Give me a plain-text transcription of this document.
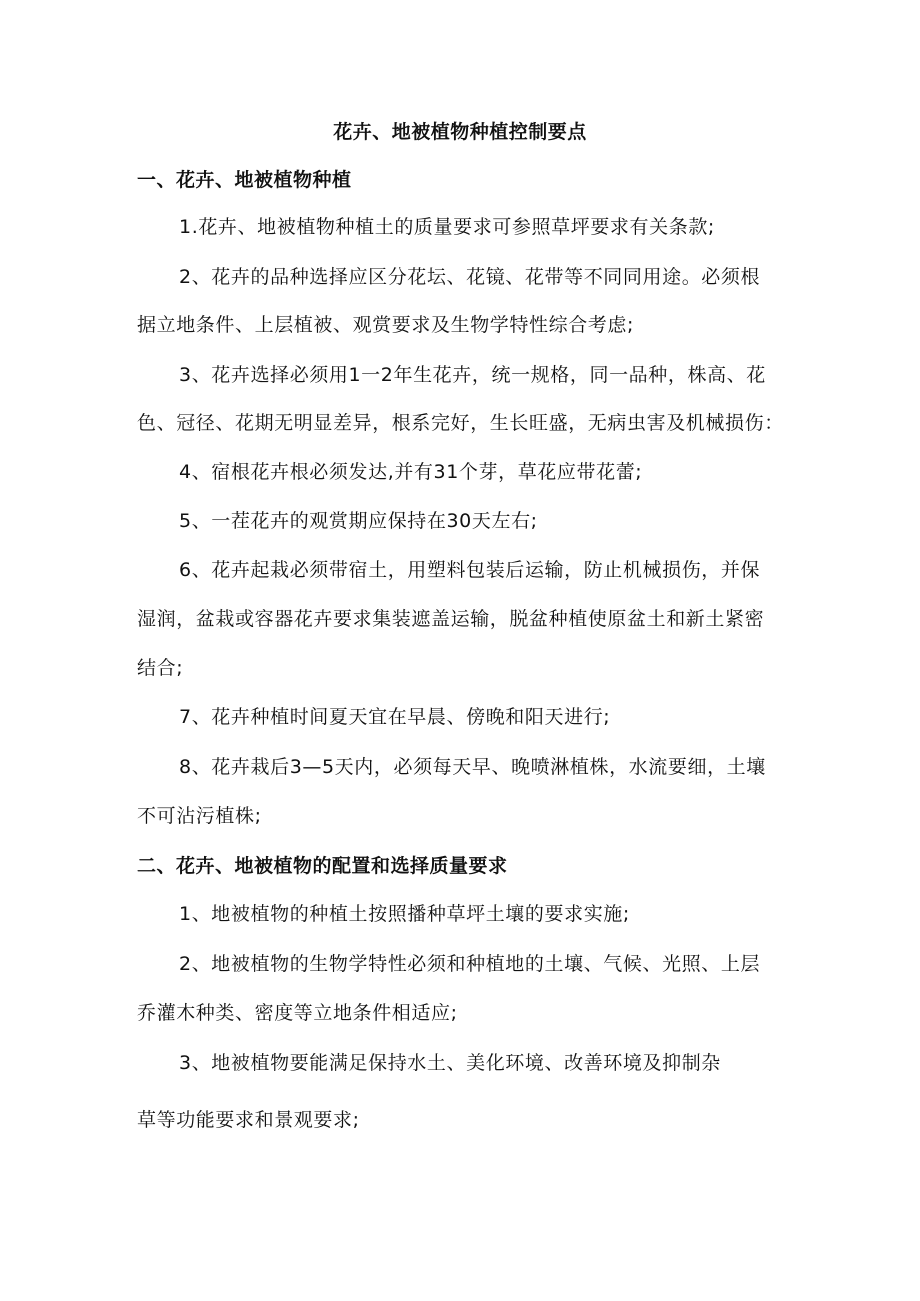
花卉、地被植物种植控制要点
一、花卉、地被植物种植
1.花卉、地被植物种植土的质量要求可参照草坪要求有关条款;
2、花卉的品种选择应区分花坛、花镜、花带等不同同用途。必须根
据立地条件、上层植被、观赏要求及生物学特性综合考虑;
3、花卉选择必须用1一2年生花卉，统一规格，同一品种，株高、花
色、冠径、花期无明显差异，根系完好，生长旺盛，无病虫害及机械损伤：
4、宿根花卉根必须发达,并有31个芽，草花应带花蕾;
5、一茬花卉的观赏期应保持在30天左右;
6、花卉起栽必须带宿土，用塑料包装后运输，防止机械损伤，并保
湿润，盆栽或容器花卉要求集装遮盖运输，脱盆种植使原盆土和新土紧密
结合;
7、花卉种植时间夏天宜在早晨、傍晚和阳天进行;
8、花卉栽后3—5天内，必须每天早、晚喷淋植株，水流要细，土壤
不可沾污植株;
二、花卉、地被植物的配置和选择质量要求
1、地被植物的种植土按照播种草坪土壤的要求实施;
2、地被植物的生物学特性必须和种植地的土壤、气候、光照、上层
乔灌木种类、密度等立地条件相适应;
3、地被植物要能满足保持水土、美化环境、改善环境及抑制杂
草等功能要求和景观要求;
